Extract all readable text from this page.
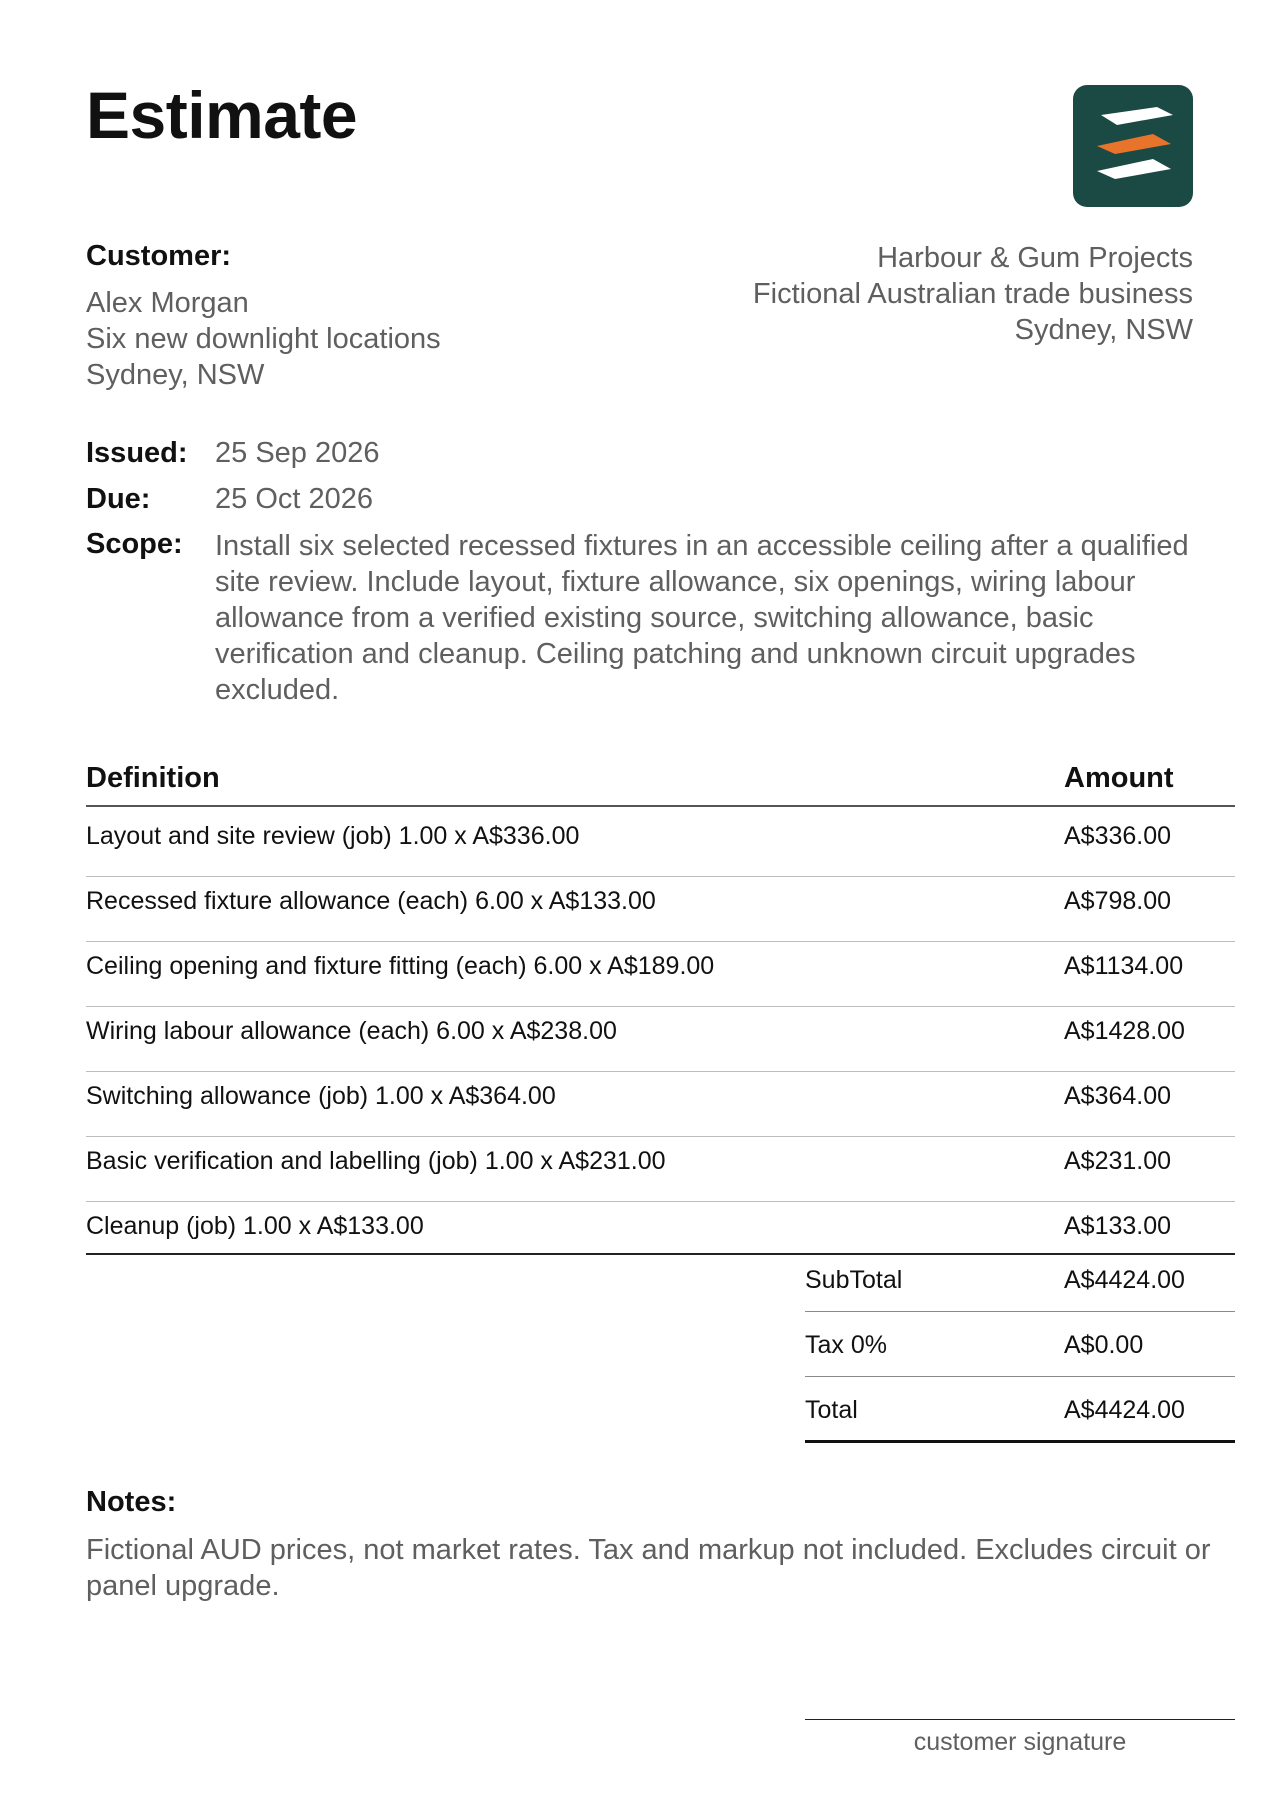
Estimate
Customer:
Alex Morgan
Six new downlight locations
Sydney, NSW
Harbour & Gum Projects
Fictional Australian trade business
Sydney, NSW
Issued: 25 Sep 2026
Due: 25 Oct 2026
Scope: Install six selected recessed fixtures in an accessible ceiling after a qualified site review. Include layout, fixture allowance, six openings, wiring labour allowance from a verified existing source, switching allowance, basic verification and cleanup. Ceiling patching and unknown circuit upgrades excluded.
Definition	Amount
Layout and site review (job) 1.00 x A$336.00	A$336.00
Recessed fixture allowance (each) 6.00 x A$133.00	A$798.00
Ceiling opening and fixture fitting (each) 6.00 x A$189.00	A$1134.00
Wiring labour allowance (each) 6.00 x A$238.00	A$1428.00
Switching allowance (job) 1.00 x A$364.00	A$364.00
Basic verification and labelling (job) 1.00 x A$231.00	A$231.00
Cleanup (job) 1.00 x A$133.00	A$133.00
SubTotal	A$4424.00
Tax 0%	A$0.00
Total	A$4424.00
Notes:
Fictional AUD prices, not market rates. Tax and markup not included. Excludes circuit or panel upgrade.
customer signature
